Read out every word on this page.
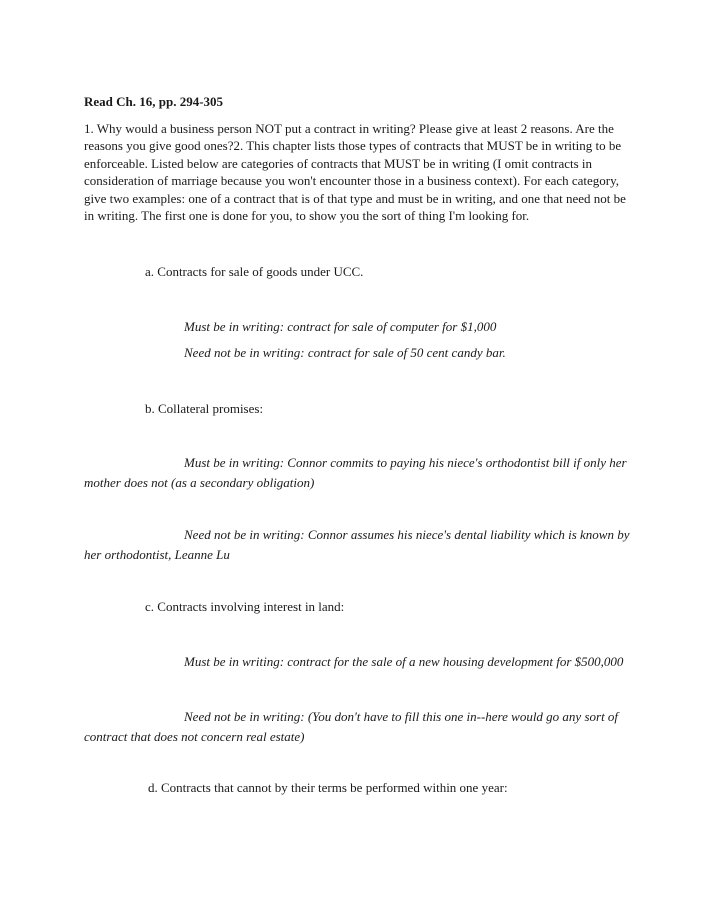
Read Ch. 16, pp. 294-305
1. Why would a business person NOT put a contract in writing? Please give at least 2 reasons. Are the reasons you give good ones?2. This chapter lists those types of contracts that MUST be in writing to be enforceable. Listed below are categories of contracts that MUST be in writing (I omit contracts in consideration of marriage because you won't encounter those in a business context). For each category, give two examples: one of a contract that is of that type and must be in writing, and one that need not be in writing. The first one is done for you, to show you the sort of thing I'm looking for.
a. Contracts for sale of goods under UCC.
Must be in writing: contract for sale of computer for $1,000
Need not be in writing: contract for sale of 50 cent candy bar.
b. Collateral promises:
Must be in writing: Connor commits to paying his niece's orthodontist bill if only her mother does not (as a secondary obligation)
Need not be in writing: Connor assumes his niece's dental liability which is known by her orthodontist, Leanne Lu
c. Contracts involving interest in land:
Must be in writing: contract for the sale of a new housing development for $500,000
Need not be in writing: (You don't have to fill this one in--here would go any sort of contract that does not concern real estate)
d. Contracts that cannot by their terms be performed within one year:
